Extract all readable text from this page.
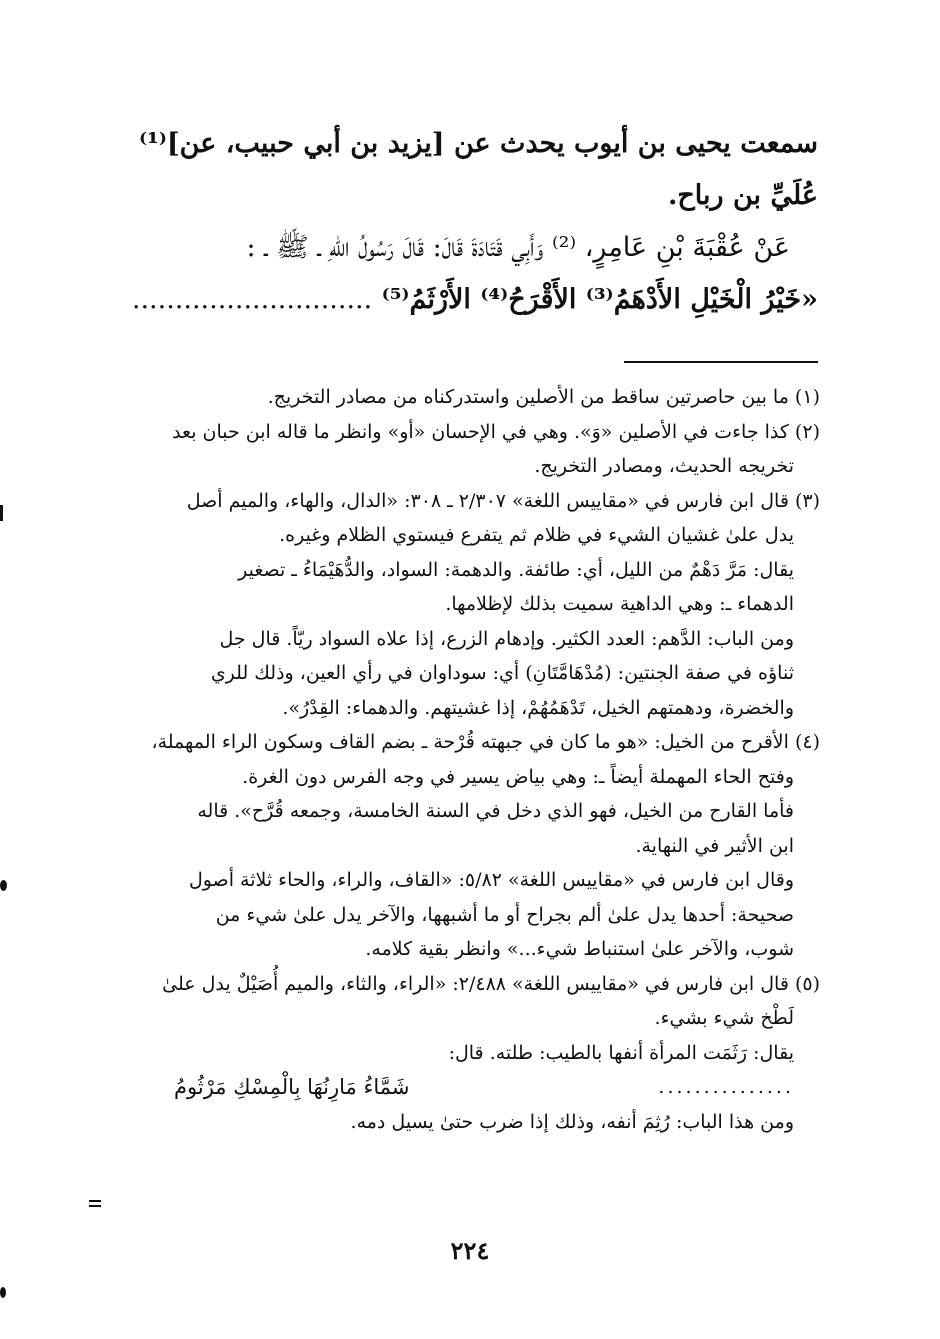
سمعت يحيى بن أيوب يحدث عن [يزيد بن أبي حبيب، عن]⁽¹⁾

عُلَيِّ بن رباح.

عَنْ عُقْبَةَ بْنِ عَامِرٍ، ⁽²⁾ وَأَبِي قَتَادَةَ قَالَ: قَالَ رَسُولُ اللهِ ـ ﷺ ـ :

«خَيْرُ الْخَيْلِ الأَدْهَمُ⁽³⁾ الأَقْرَحُ⁽⁴⁾ الأَرْثَمُ⁽⁵⁾ ............................

(١) ما بين حاصرتين ساقط من الأصلين واستدركناه من مصادر التخريج.

(٢) كذا جاءت في الأصلين «وَ». وهي في الإحسان «أو» وانظر ما قاله ابن حبان بعد

تخريجه الحديث، ومصادر التخريج.

(٣) قال ابن فارس في «مقاييس اللغة» ٢/٣٠٧ ـ ٣٠٨: «الدال، والهاء، والميم أصل

يدل علىٰ غشيان الشيء في ظلام ثم يتفرع فيستوي الظلام وغيره.

يقال: مَرَّ دَهْمٌ من الليل، أي: طائفة. والدهمة: السواد، والدُّهَيْمَاءُ ـ تصغير

الدهماء ـ: وهي الداهية سميت بذلك لإظلامها.

ومن الباب: الدَّهم: العدد الكثير. وإدهام الزرع، إذا علاه السواد ريّاً. قال جل

ثناؤه في صفة الجنتين: (مُدْهَامَّتَانِ) أي: سوداوان في رأي العين، وذلك للري

والخضرة، ودهمتهم الخيل، تَدْهَمُهُمْ، إذا غشيتهم. والدهماء: القِدْرُ».

(٤) الأقرح من الخيل: «هو ما كان في جبهته قُرْحة ـ بضم القاف وسكون الراء المهملة،

وفتح الحاء المهملة أيضاً ـ: وهي بياض يسير في وجه الفرس دون الغرة.

فأما القارح من الخيل، فهو الذي دخل في السنة الخامسة، وجمعه قُرَّح». قاله

ابن الأثير في النهاية.

وقال ابن فارس في «مقاييس اللغة» ٥/٨٢: «القاف، والراء، والحاء ثلاثة أصول

صحيحة: أحدها يدل علىٰ ألم بجراح أو ما أشبهها، والآخر يدل علىٰ شيء من

شوب، والآخر علىٰ استنباط شيء...» وانظر بقية كلامه.

(٥) قال ابن فارس في «مقاييس اللغة» ٢/٤٨٨: «الراء، والثاء، والميم أُصَيْلٌ يدل علىٰ

لَطْخ شيء بشيء.

يقال: رَثَمَت المرأة أنفها بالطيب: طلته. قال:

...............
شَمَّاءُ مَارِنُهَا بِالْمِسْكِ مَرْثُومُ

ومن هذا الباب: رُثِمَ أنفه، وذلك إذا ضرب حتىٰ يسيل دمه.

٢٢٤
